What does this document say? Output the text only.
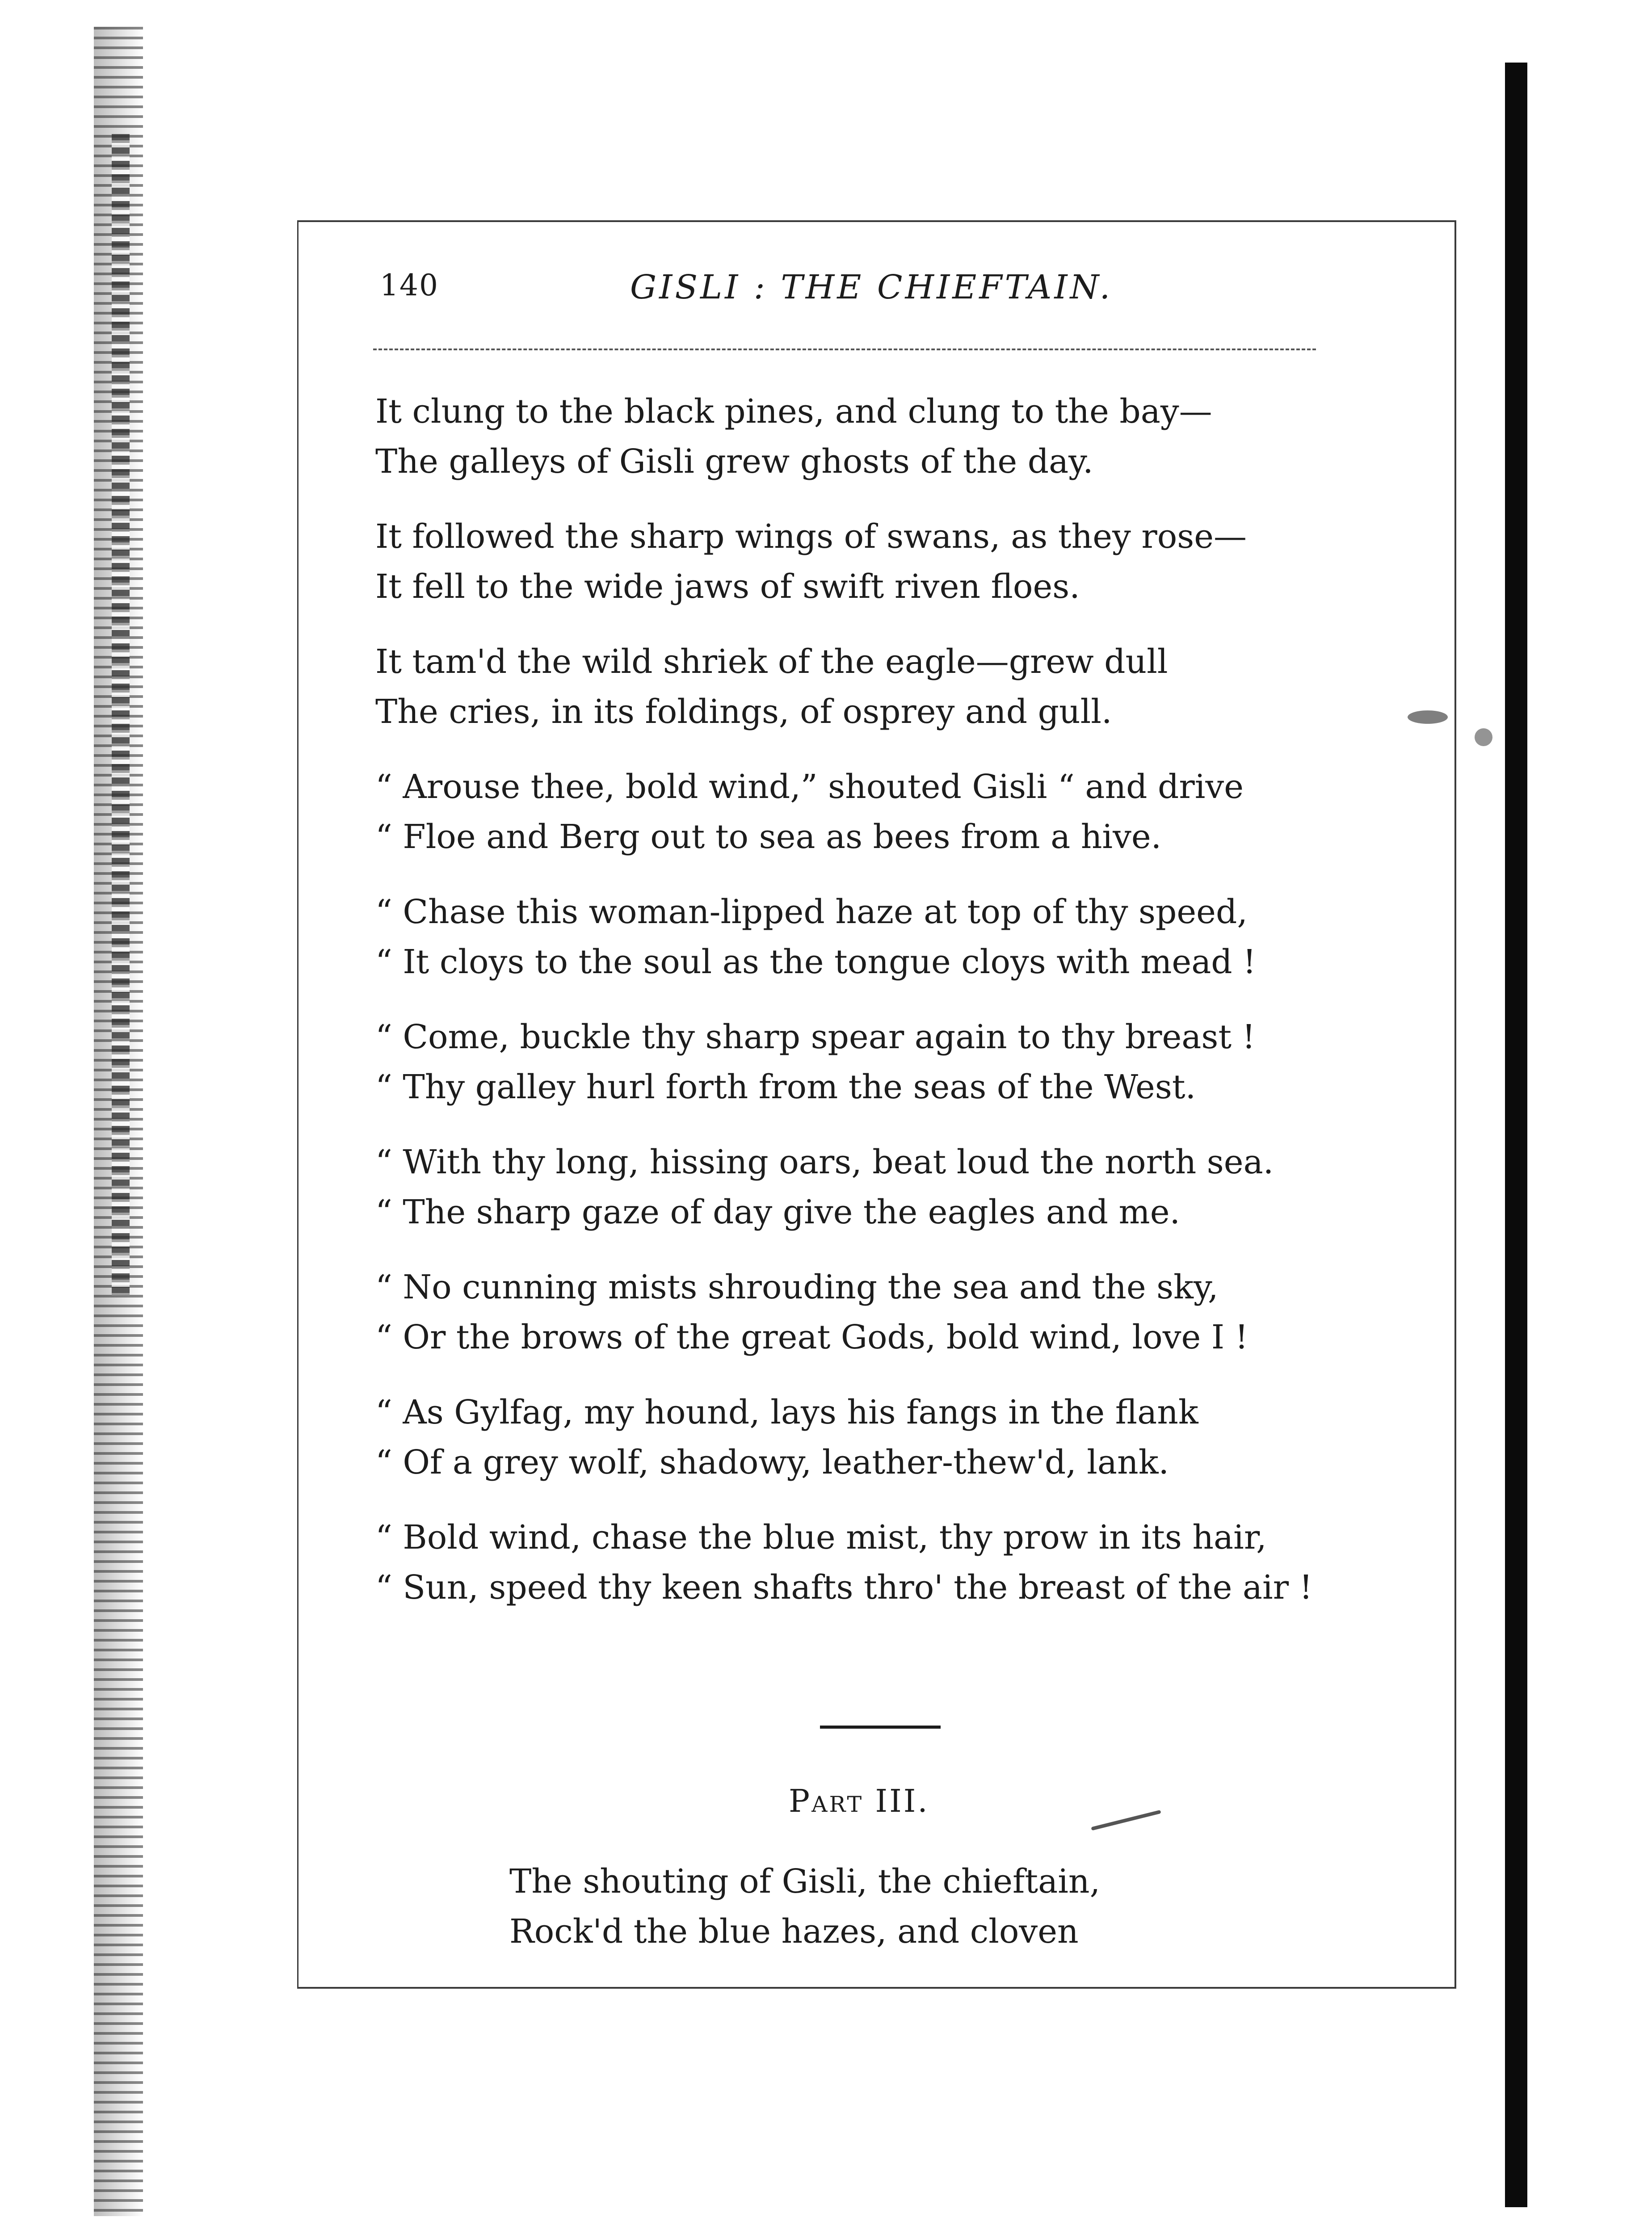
140	GISLI : THE CHIEFTAIN.
It clung to the black pines, and clung to the bay—
The galleys of Gisli grew ghosts of the day.
It followed the sharp wings of swans, as they rose—
It fell to the wide jaws of swift riven floes.
It tam'd the wild shriek of the eagle—grew dull
The cries, in its foldings, of osprey and gull.
“ Arouse thee, bold wind,” shouted Gisli “ and drive
“ Floe and Berg out to sea as bees from a hive.
“ Chase this woman-lipped haze at top of thy speed,
“ It cloys to the soul as the tongue cloys with mead !
“ Come, buckle thy sharp spear again to thy breast !
“ Thy galley hurl forth from the seas of the West.
“ With thy long, hissing oars, beat loud the north sea.
“ The sharp gaze of day give the eagles and me.
“ No cunning mists shrouding the sea and the sky,
“ Or the brows of the great Gods, bold wind, love I !
“ As Gylfag, my hound, lays his fangs in the flank
“ Of a grey wolf, shadowy, leather-thew'd, lank.
“ Bold wind, chase the blue mist, thy prow in its hair,
“ Sun, speed thy keen shafts thro' the breast of the air !
Part III.
The shouting of Gisli, the chieftain,
Rock'd the blue hazes, and cloven
